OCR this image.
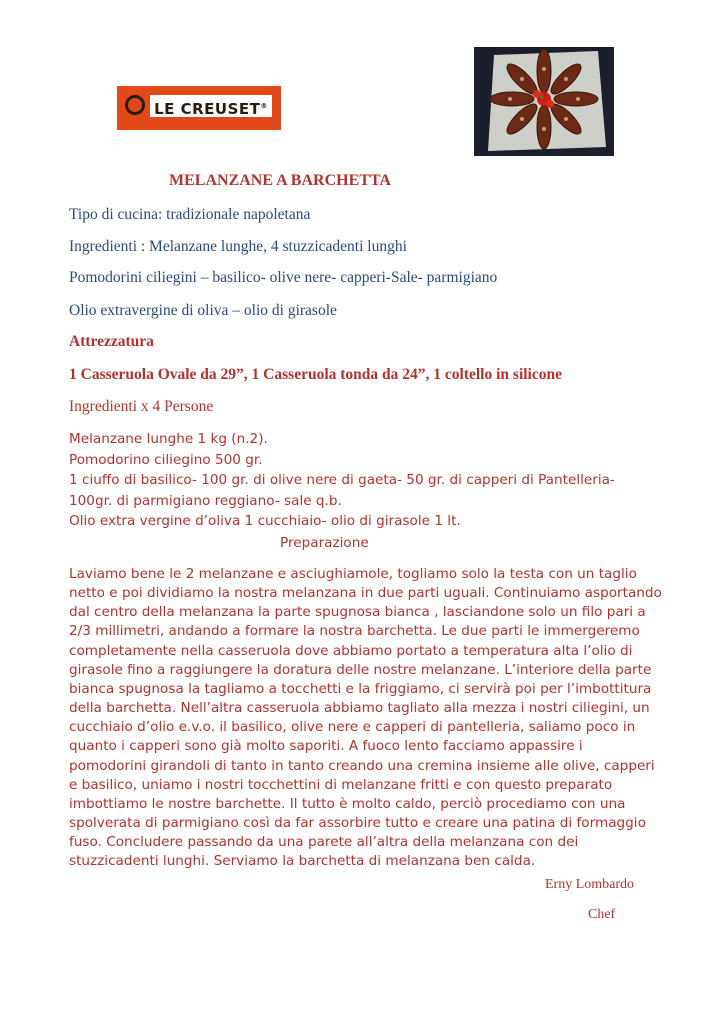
LE CREUSET®
MELANZANE A BARCHETTA

Tipo di cucina: tradizionale napoletana

Ingredienti : Melanzane lunghe, 4 stuzzicadenti lunghi

Pomodorini ciliegini – basilico- olive nere- capperi-Sale- parmigiano

Olio extravergine di oliva – olio di girasole

Attrezzatura

1 Casseruola Ovale da 29”, 1 Casseruola tonda da 24”, 1 coltello in silicone

Ingredienti x 4 Persone

Melanzane lunghe 1 kg (n.2).
Pomodorino ciliegino 500 gr.
1 ciuffo di basilico- 100 gr. di olive nere di gaeta- 50 gr. di capperi di Pantelleria-
100gr. di parmigiano reggiano- sale q.b.
Olio extra vergine d’oliva 1 cucchiaio- olio di girasole 1 lt.

Preparazione

Laviamo bene le 2 melanzane e asciughiamole, togliamo solo la testa con un taglio
netto e poi dividiamo la nostra melanzana in due parti uguali. Continuiamo asportando
dal centro della melanzana la parte spugnosa bianca , lasciandone solo un filo pari a
2/3 millimetri, andando a formare la nostra barchetta. Le due parti le immergeremo
completamente nella casseruola dove abbiamo portato a temperatura alta l’olio di
girasole fino a raggiungere la doratura delle nostre melanzane. L’interiore della parte
bianca spugnosa la tagliamo a tocchetti e la friggiamo, ci servirà poi per l’imbottitura
della barchetta. Nell’altra casseruola abbiamo tagliato alla mezza i nostri ciliegini, un
cucchiaio d’olio e.v.o. il basilico, olive nere e capperi di pantelleria, saliamo poco in
quanto i capperi sono già molto saporiti. A fuoco lento facciamo appassire i
pomodorini girandoli di tanto in tanto creando una cremina insieme alle olive, capperi
e basilico, uniamo i nostri tocchettini di melanzane fritti e con questo preparato
imbottiamo le nostre barchette. Il tutto è molto caldo, perciò procediamo con una
spolverata di parmigiano così da far assorbire tutto e creare una patina di formaggio
fuso. Concludere passando da una parete all’altra della melanzana con dei
stuzzicadenti lunghi. Serviamo la barchetta di melanzana ben calda.

Erny Lombardo

Chef
